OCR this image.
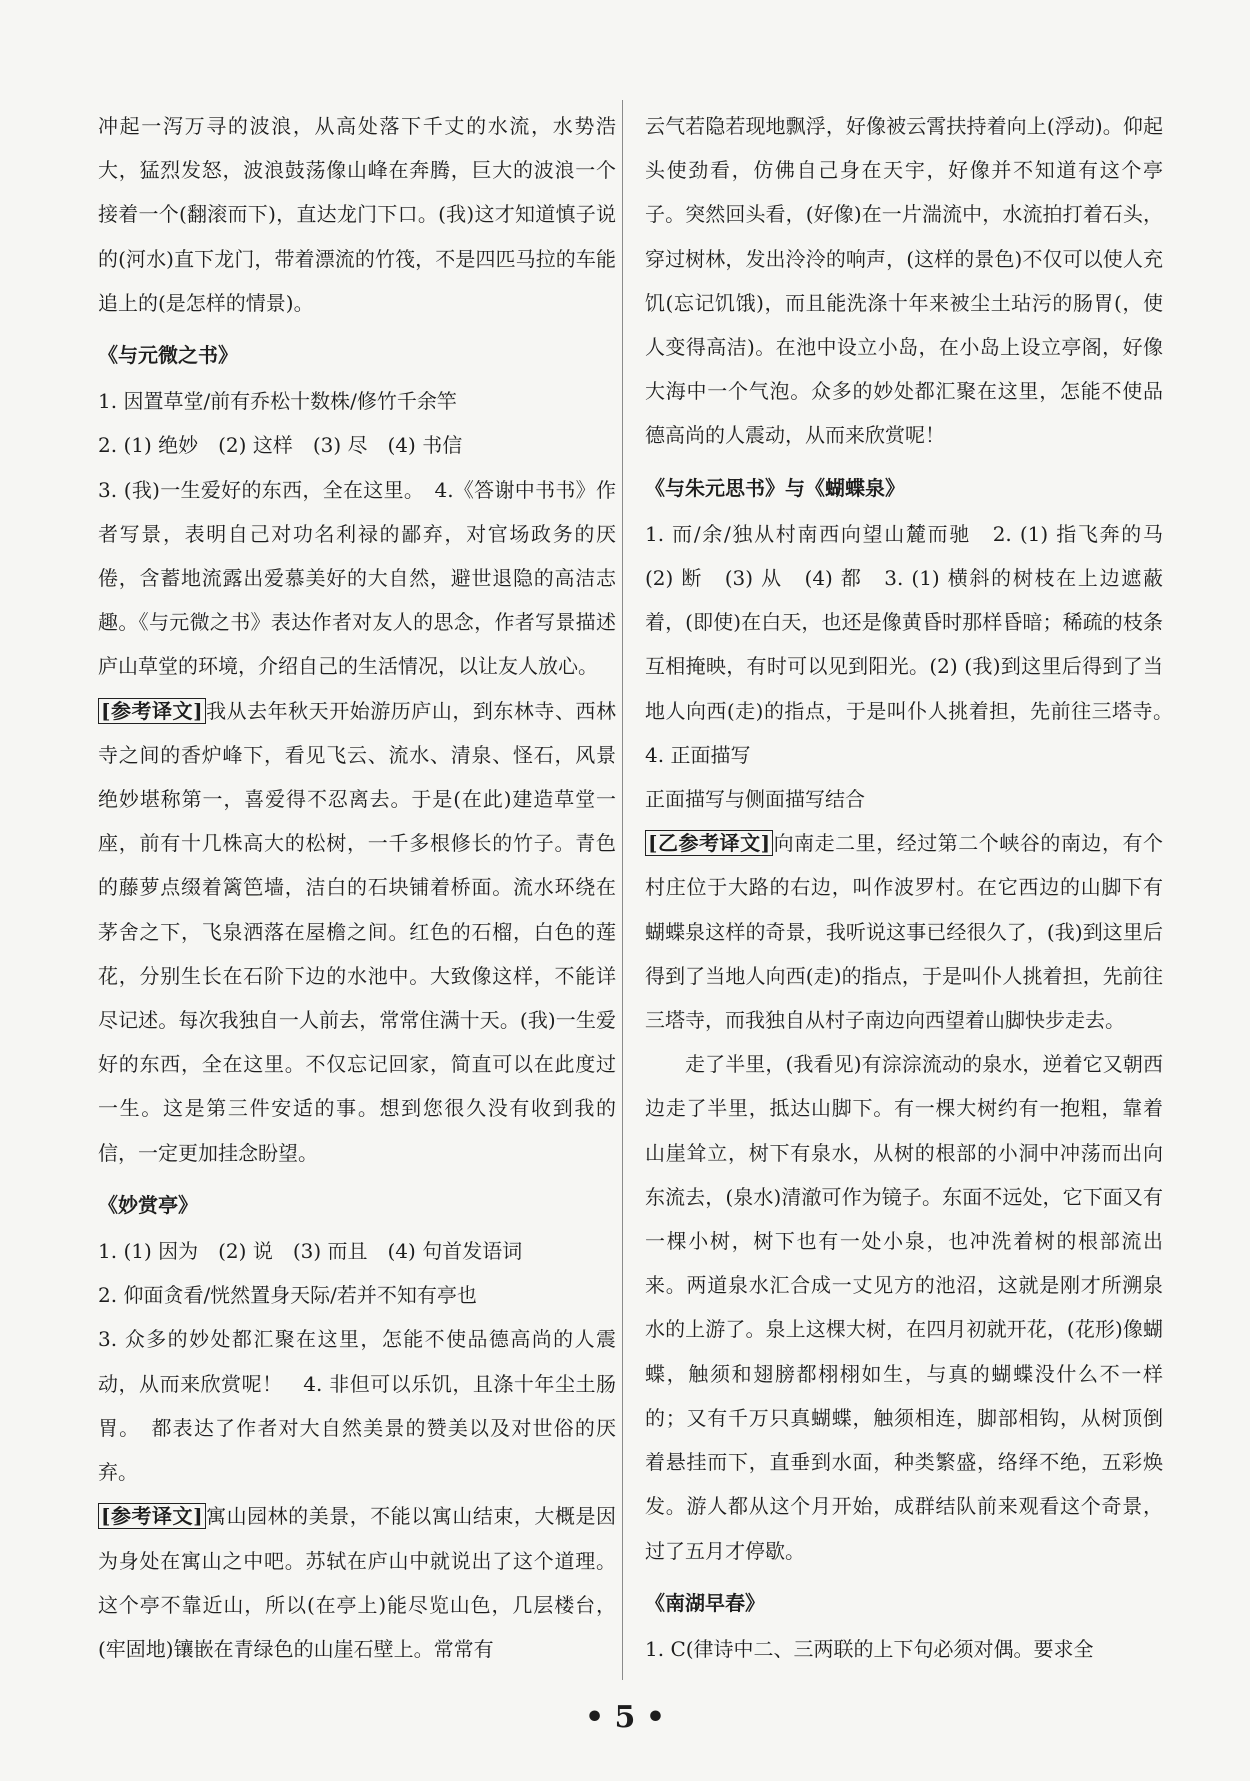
冲起一泻万寻的波浪，从高处落下千丈的水流，水势浩大，猛烈发怒，波浪鼓荡像山峰在奔腾，巨大的波浪一个接着一个(翻滚而下)，直达龙门下口。(我)这才知道慎子说的(河水)直下龙门，带着漂流的竹筏，不是四匹马拉的车能追上的(是怎样的情景)。

《与元微之书》

1. 因置草堂/前有乔松十数株/修竹千余竿

2. (1) 绝妙　(2) 这样　(3) 尽　(4) 书信

3. (我)一生爱好的东西，全在这里。　4.《答谢中书书》作者写景，表明自己对功名利禄的鄙弃，对官场政务的厌倦，含蓄地流露出爱慕美好的大自然，避世退隐的高洁志趣。《与元微之书》表达作者对友人的思念，作者写景描述庐山草堂的环境，介绍自己的生活情况，以让友人放心。

[参考译文] 我从去年秋天开始游历庐山，到东林寺、西林寺之间的香炉峰下，看见飞云、流水、清泉、怪石，风景绝妙堪称第一，喜爱得不忍离去。于是(在此)建造草堂一座，前有十几株高大的松树，一千多根修长的竹子。青色的藤萝点缀着篱笆墙，洁白的石块铺着桥面。流水环绕在茅舍之下，飞泉洒落在屋檐之间。红色的石榴，白色的莲花，分别生长在石阶下边的水池中。大致像这样，不能详尽记述。每次我独自一人前去，常常住满十天。(我)一生爱好的东西，全在这里。不仅忘记回家，简直可以在此度过一生。这是第三件安适的事。想到您很久没有收到我的信，一定更加挂念盼望。

《妙赏亭》

1. (1) 因为　(2) 说　(3) 而且　(4) 句首发语词

2. 仰面贪看/恍然置身天际/若并不知有亭也

3. 众多的妙处都汇聚在这里，怎能不使品德高尚的人震动，从而来欣赏呢！　4. 非但可以乐饥，且涤十年尘土肠胃。　都表达了作者对大自然美景的赞美以及对世俗的厌弃。

[参考译文] 寓山园林的美景，不能以寓山结束，大概是因为身处在寓山之中吧。苏轼在庐山中就说出了这个道理。这个亭不靠近山，所以(在亭上)能尽览山色，几层楼台，(牢固地)镶嵌在青绿色的山崖石壁上。常常有

云气若隐若现地飘浮，好像被云霄扶持着向上(浮动)。仰起头使劲看，仿佛自己身在天宇，好像并不知道有这个亭子。突然回头看，(好像)在一片湍流中，水流拍打着石头，穿过树林，发出泠泠的响声，(这样的景色)不仅可以使人充饥(忘记饥饿)，而且能洗涤十年来被尘土玷污的肠胃(，使人变得高洁)。在池中设立小岛，在小岛上设立亭阁，好像大海中一个气泡。众多的妙处都汇聚在这里，怎能不使品德高尚的人震动，从而来欣赏呢！

《与朱元思书》与《蝴蝶泉》

1. 而/余/独从村南西向望山麓而驰　2. (1) 指飞奔的马　(2) 断　(3) 从　(4) 都　3. (1) 横斜的树枝在上边遮蔽着，(即使)在白天，也还是像黄昏时那样昏暗；稀疏的枝条互相掩映，有时可以见到阳光。(2) (我)到这里后得到了当地人向西(走)的指点，于是叫仆人挑着担，先前往三塔寺。　4. 正面描写

正面描写与侧面描写结合

[乙参考译文] 向南走二里，经过第二个峡谷的南边，有个村庄位于大路的右边，叫作波罗村。在它西边的山脚下有蝴蝶泉这样的奇景，我听说这事已经很久了，(我)到这里后得到了当地人向西(走)的指点，于是叫仆人挑着担，先前往三塔寺，而我独自从村子南边向西望着山脚快步走去。

走了半里，(我看见)有淙淙流动的泉水，逆着它又朝西边走了半里，抵达山脚下。有一棵大树约有一抱粗，靠着山崖耸立，树下有泉水，从树的根部的小洞中冲荡而出向东流去，(泉水)清澈可作为镜子。东面不远处，它下面又有一棵小树，树下也有一处小泉，也冲洗着树的根部流出来。两道泉水汇合成一丈见方的池沼，这就是刚才所溯泉水的上游了。泉上这棵大树，在四月初就开花，(花形)像蝴蝶，触须和翅膀都栩栩如生，与真的蝴蝶没什么不一样的；又有千万只真蝴蝶，触须相连，脚部相钩，从树顶倒着悬挂而下，直垂到水面，种类繁盛，络绎不绝，五彩焕发。游人都从这个月开始，成群结队前来观看这个奇景，过了五月才停歇。

《南湖早春》

1. C(律诗中二、三两联的上下句必须对偶。要求全

• 5 •
